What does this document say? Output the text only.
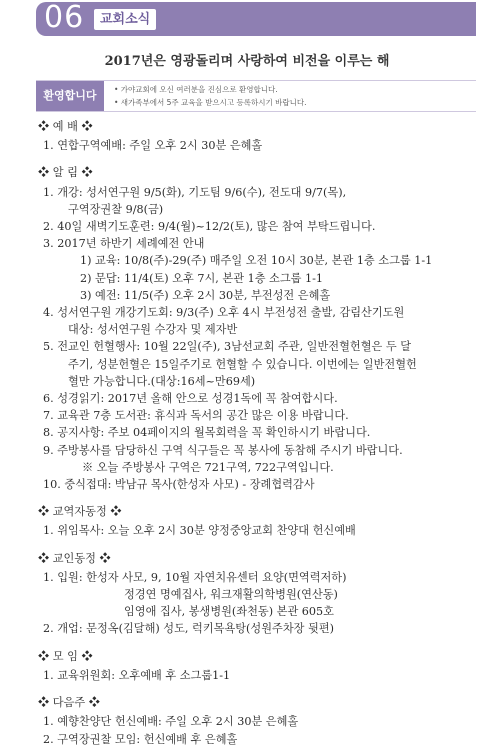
06	교회소식
2017년은 영광돌리며 사랑하여 비전을 이루는 해
환영합니다	• 가야교회에 오신 여러분을 진심으로 환영합니다.
• 새가족부에서 5주 교육을 받으시고 등록하시기 바랍니다.
❖ 예 배 ❖
1. 연합구역예배: 주일 오후 2시 30분 은혜홀
❖ 알 림 ❖
1. 개강: 성서연구원 9/5(화), 기도팀 9/6(수), 전도대 9/7(목),
구역장권찰 9/8(금)
2. 40일 새벽기도훈련: 9/4(월)~12/2(토), 많은 참여 부탁드립니다.
3. 2017년 하반기 세례예전 안내
1) 교육: 10/8(주)-29(주) 매주일 오전 10시 30분, 본관 1층 소그룹 1-1
2) 문답: 11/4(토) 오후 7시, 본관 1층 소그룹 1-1
3) 예전: 11/5(주) 오후 2시 30분, 부전성전 은혜홀
4. 성서연구원 개강기도회: 9/3(주) 오후 4시 부전성전 출발, 감림산기도원
대상: 성서연구원 수강자 및 제자반
5. 전교인 헌혈행사: 10월 22일(주), 3남선교회 주관, 일반전혈헌혈은 두 달
주기, 성분헌혈은 15일주기로 헌혈할 수 있습니다. 이번에는 일반전혈헌
혈만 가능합니다.(대상:16세~만69세)
6. 성경읽기: 2017년 올해 안으로 성경1독에 꼭 참여합시다.
7. 교육관 7층 도서관: 휴식과 독서의 공간 많은 이용 바랍니다.
8. 공지사항: 주보 04페이지의 월목회력을 꼭 확인하시기 바랍니다.
9. 주방봉사를 담당하신 구역 식구들은 꼭 봉사에 동참해 주시기 바랍니다.
※ 오늘 주방봉사 구역은 721구역, 722구역입니다.
10. 중식접대: 박남규 목사(한성자 사모) - 장례협력감사
❖ 교역자동정 ❖
1. 위임목사: 오늘 오후 2시 30분 양정중앙교회 찬양대 헌신예배
❖ 교인동정 ❖
1. 입원: 한성자 사모, 9, 10월 자연치유센터 요양(면역력저하)
정경연 명예집사, 워크재활의학병원(연산동)
임영애 집사, 봉생병원(좌천동) 본관 605호
2. 개업: 문정옥(김달해) 성도, 럭키목욕탕(성원주차장 뒷편)
❖ 모 임 ❖
1. 교육위원회: 오후예배 후 소그룹1-1
❖ 다음주 ❖
1. 예향찬양단 헌신예배: 주일 오후 2시 30분 은혜홀
2. 구역장권찰 모임: 헌신예배 후 은혜홀
